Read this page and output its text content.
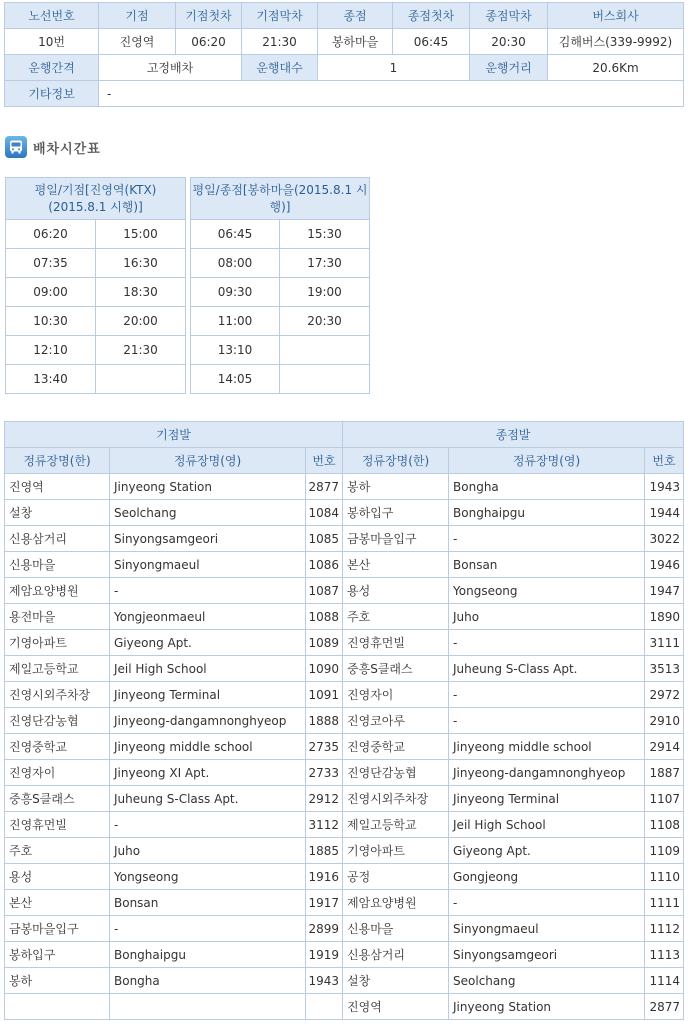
노선번호	기점	기점첫차	기점막차	종점	종점첫차	종점막차	버스회사
10번	진영역	06:20	21:30	봉하마을	06:45	20:30	김해버스(339-9992)
운행간격	고정배차		운행대수	1		운행거리	20.6Km
기타정보	-						
배차시간표
평일/기점[진영역(KTX)(2015.8.1 시행)]	
06:20	15:00
07:35	16:30
09:00	18:30
10:30	20:00
12:10	21:30
13:40	
평일/종점[봉하마을(2015.8.1 시행)]	
06:45	15:30
08:00	17:30
09:30	19:00
11:00	20:30
13:10	
14:05	
기점발			종점발		
정류장명(한)	정류장명(영)	번호	정류장명(한)	정류장명(영)	번호
진영역	Jinyeong Station	2877	봉하	Bongha	1943
설창	Seolchang	1084	봉하입구	Bonghaipgu	1944
신용삼거리	Sinyongsamgeori	1085	금봉마을입구	-	3022
신용마을	Sinyongmaeul	1086	본산	Bonsan	1946
제암요양병원	-	1087	용성	Yongseong	1947
용전마을	Yongjeonmaeul	1088	주호	Juho	1890
기영아파트	Giyeong Apt.	1089	진영휴먼빌	-	3111
제일고등학교	Jeil High School	1090	중흥S클래스	Juheung S-Class Apt.	3513
진영시외주차장	Jinyeong Terminal	1091	진영자이	-	2972
진영단감농협	Jinyeong-dangamnonghyeop	1888	진영코아루	-	2910
진영중학교	Jinyeong middle school	2735	진영중학교	Jinyeong middle school	2914
진영자이	Jinyeong XI Apt.	2733	진영단감농협	Jinyeong-dangamnonghyeop	1887
중흥S클래스	Juheung S-Class Apt.	2912	진영시외주차장	Jinyeong Terminal	1107
진영휴먼빌	-	3112	제일고등학교	Jeil High School	1108
주호	Juho	1885	기영아파트	Giyeong Apt.	1109
용성	Yongseong	1916	공정	Gongjeong	1110
본산	Bonsan	1917	제암요양병원	-	1111
금봉마을입구	-	2899	신용마을	Sinyongmaeul	1112
봉하입구	Bonghaipgu	1919	신용삼거리	Sinyongsamgeori	1113
봉하	Bongha	1943	설창	Seolchang	1114
			진영역	Jinyeong Station	2877
